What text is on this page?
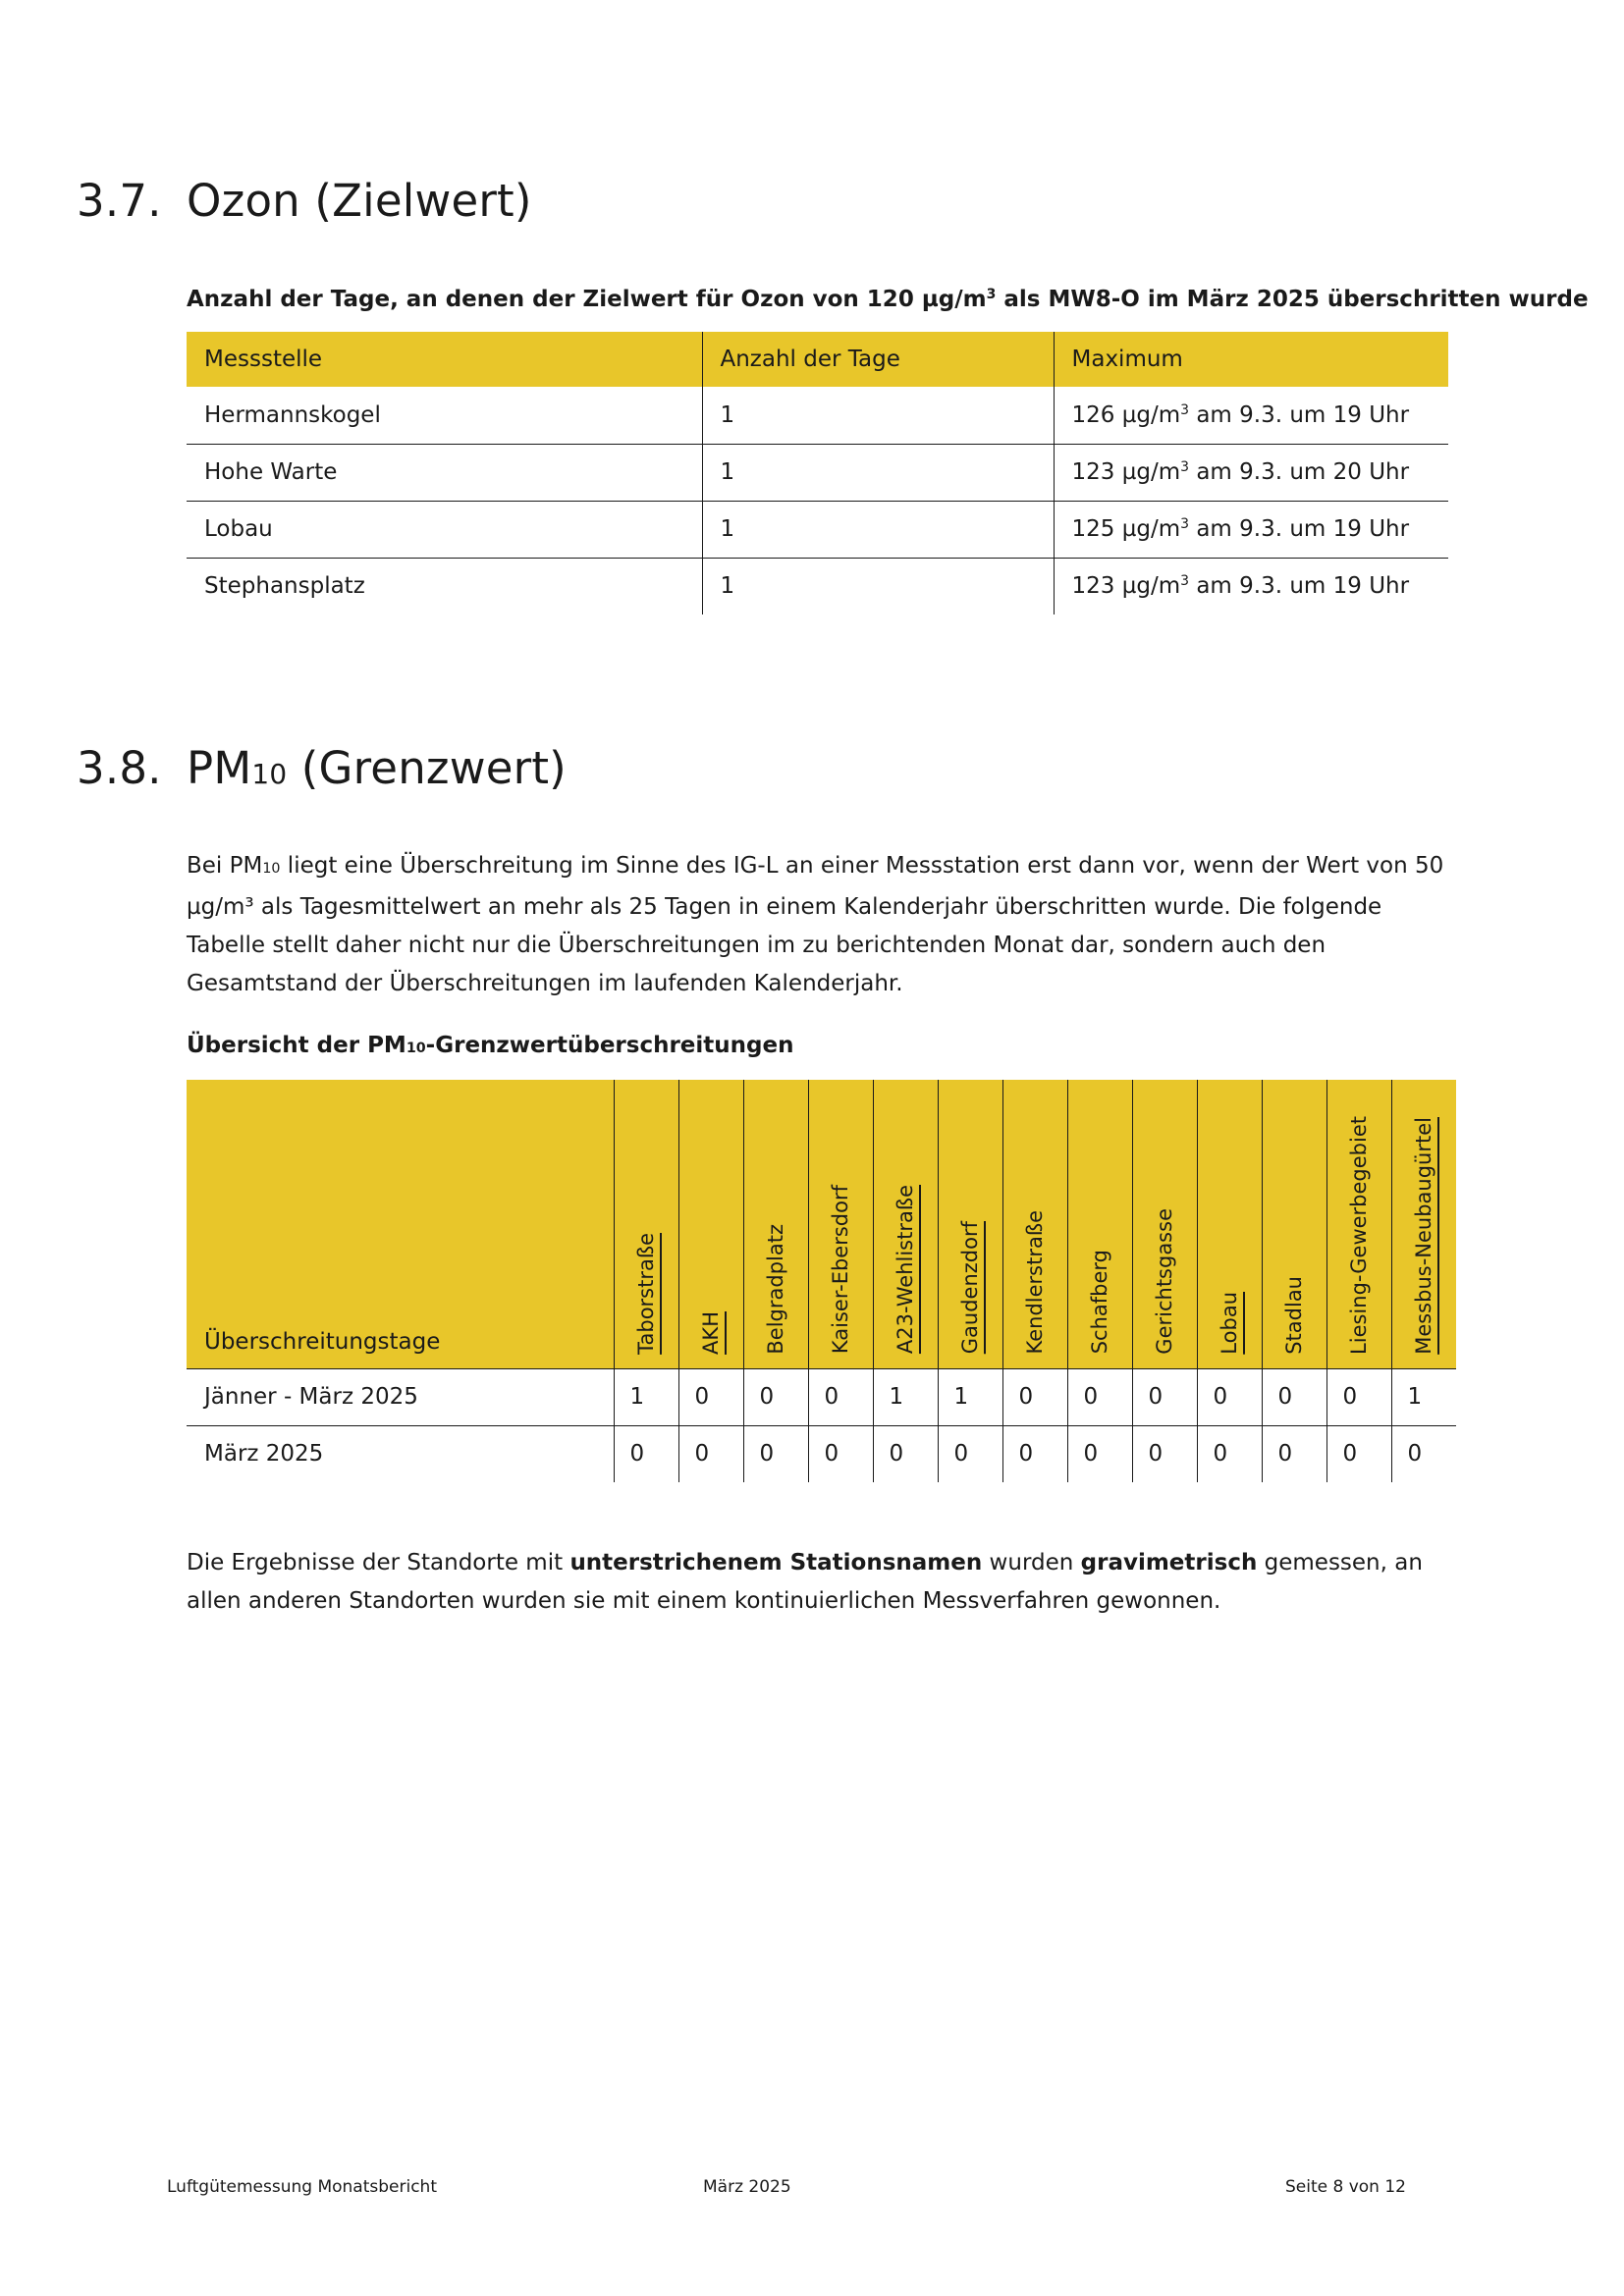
3.7. Ozon (Zielwert)

Anzahl der Tage, an denen der Zielwert für Ozon von 120 $\mu g/m^3$ als MW8-O im März 2025 überschritten wurde

Messstelle	Anzahl der Tage	Maximum
Hermannskogel	1	126 $\mu g/m^3$ am 9.3. um 19 Uhr
Hohe Warte	1	123 $\mu g/m^3$ am 9.3. um 20 Uhr
Lobau	1	125 $\mu g/m^3$ am 9.3. um 19 Uhr
Stephansplatz	1	123 $\mu g/m^3$ am 9.3. um 19 Uhr
3.8. PM10 (Grenzwert)

Bei PM10 liegt eine Überschreitung im Sinne des IG-L an einer Messstation erst dann vor, wenn der Wert von 50 µg/m³ als Tagesmittelwert an mehr als 25 Tagen in einem Kalenderjahr überschritten wurde. Die folgende Tabelle stellt daher nicht nur die Überschreitungen im zu berichtenden Monat dar, sondern auch den Gesamtstand der Überschreitungen im laufenden Kalenderjahr.

Übersicht der PM10-Grenzwertüberschreitungen

Überschreitungstage	Taborstraße	AKH	Belgradplatz	Kaiser-Ebersdorf	A23-Wehlistraße	Gaudenzdorf	Kendlerstraße	Schafberg	Gerichtsgasse	Lobau	Stadlau	Liesing-Gewerbegebiet	Messbus-Neubaugürtel

Jänner - März 2025	1	0	0	0	1	1	0	0	0	0	0	0	1
März 2025	0	0	0	0	0	0	0	0	0	0	0	0	0

Die Ergebnisse der Standorte mit unterstrichenem Stationsnamen wurden gravimetrisch gemessen, an allen anderen Standorten wurden sie mit einem kontinuierlichen Messverfahren gewonnen.

Luftgütemessung Monatsbericht	März 2025	Seite 8 von 12
